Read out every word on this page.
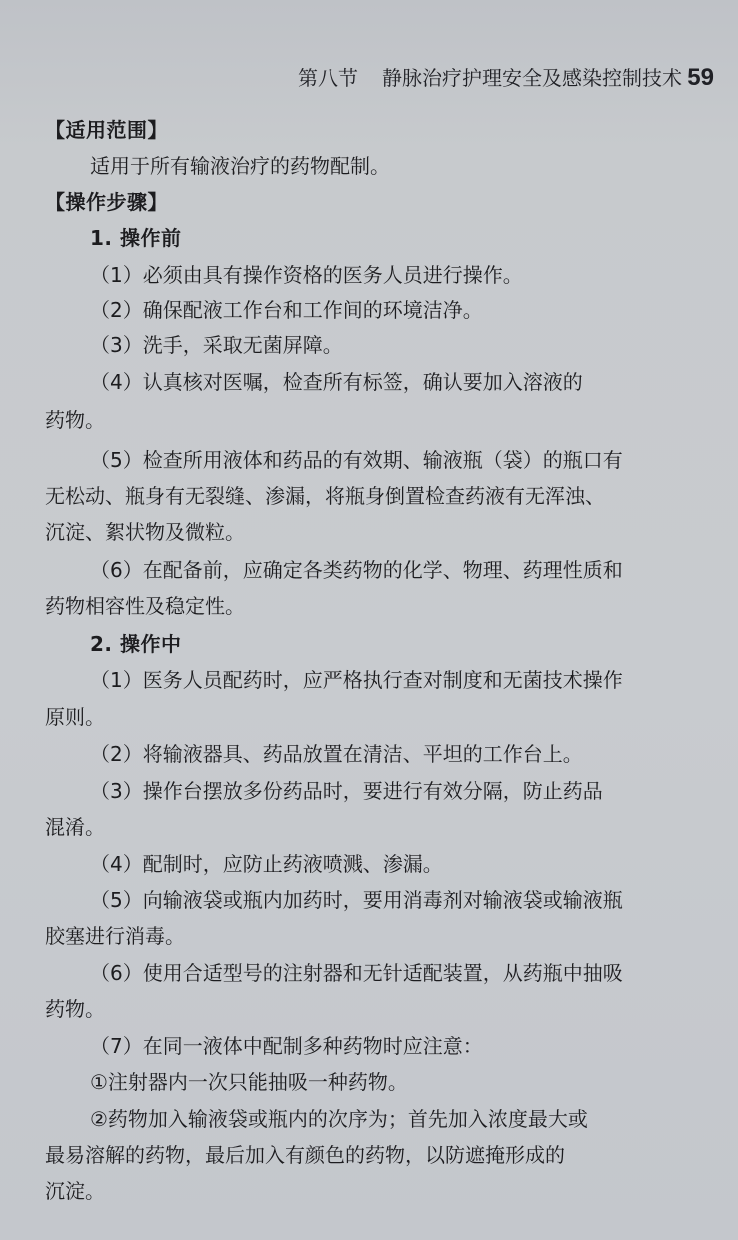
第八节 静脉治疗护理安全及感染控制技术 59
【适用范围】
适用于所有输液治疗的药物配制。
【操作步骤】
1. 操作前
（1）必须由具有操作资格的医务人员进行操作。
（2）确保配液工作台和工作间的环境洁净。
（3）洗手，采取无菌屏障。
（4）认真核对医嘱，检查所有标签，确认要加入溶液的
药物。
（5）检查所用液体和药品的有效期、输液瓶（袋）的瓶口有
无松动、瓶身有无裂缝、渗漏，将瓶身倒置检查药液有无浑浊、
沉淀、絮状物及微粒。
（6）在配备前，应确定各类药物的化学、物理、药理性质和
药物相容性及稳定性。
2. 操作中
（1）医务人员配药时，应严格执行查对制度和无菌技术操作
原则。
（2）将输液器具、药品放置在清洁、平坦的工作台上。
（3）操作台摆放多份药品时，要进行有效分隔，防止药品
混淆。
（4）配制时，应防止药液喷溅、渗漏。
（5）向输液袋或瓶内加药时，要用消毒剂对输液袋或输液瓶
胶塞进行消毒。
（6）使用合适型号的注射器和无针适配装置，从药瓶中抽吸
药物。
（7）在同一液体中配制多种药物时应注意：
①注射器内一次只能抽吸一种药物。
②药物加入输液袋或瓶内的次序为；首先加入浓度最大或
最易溶解的药物，最后加入有颜色的药物，以防遮掩形成的
沉淀。
